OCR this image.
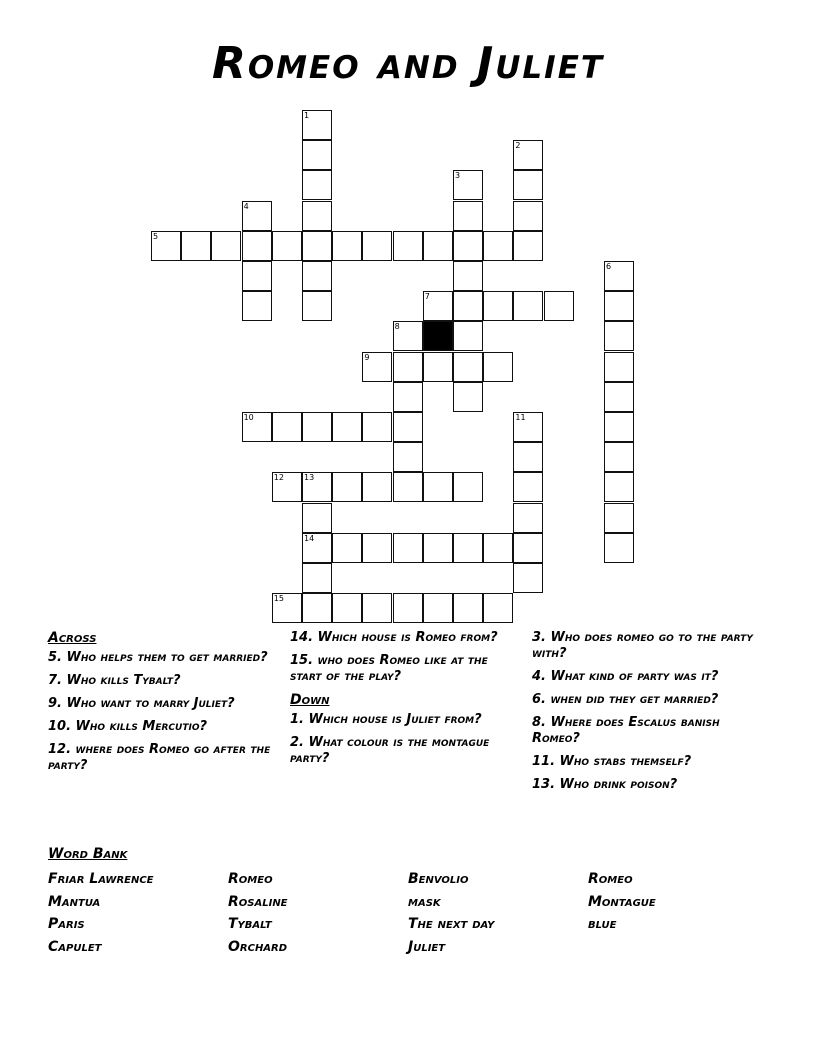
Romeo and Juliet
1
2
3
4
5
6
7
8
9
10	11
12	13
14
15
Across
5. Who helps them to get married?
7. Who kills Tybalt?
9. Who want to marry Juliet?
10. Who kills Mercutio?
12. where does Romeo go after the party?
14. Which house is Romeo from?
15. who does Romeo like at the start of the play?
Down
1. Which house is Juliet from?
2. What colour is the montague party?
3. Who does romeo go to the party with?
4. What kind of party was it?
6. when did they get married?
8. Where does Escalus banish Romeo?
11. Who stabs themself?
13. Who drink poison?
Word Bank
Friar Lawrence
Mantua
Paris
Capulet
Romeo
Rosaline
Tybalt
Orchard
Benvolio
mask
The next day
Juliet
Romeo
Montague
blue
